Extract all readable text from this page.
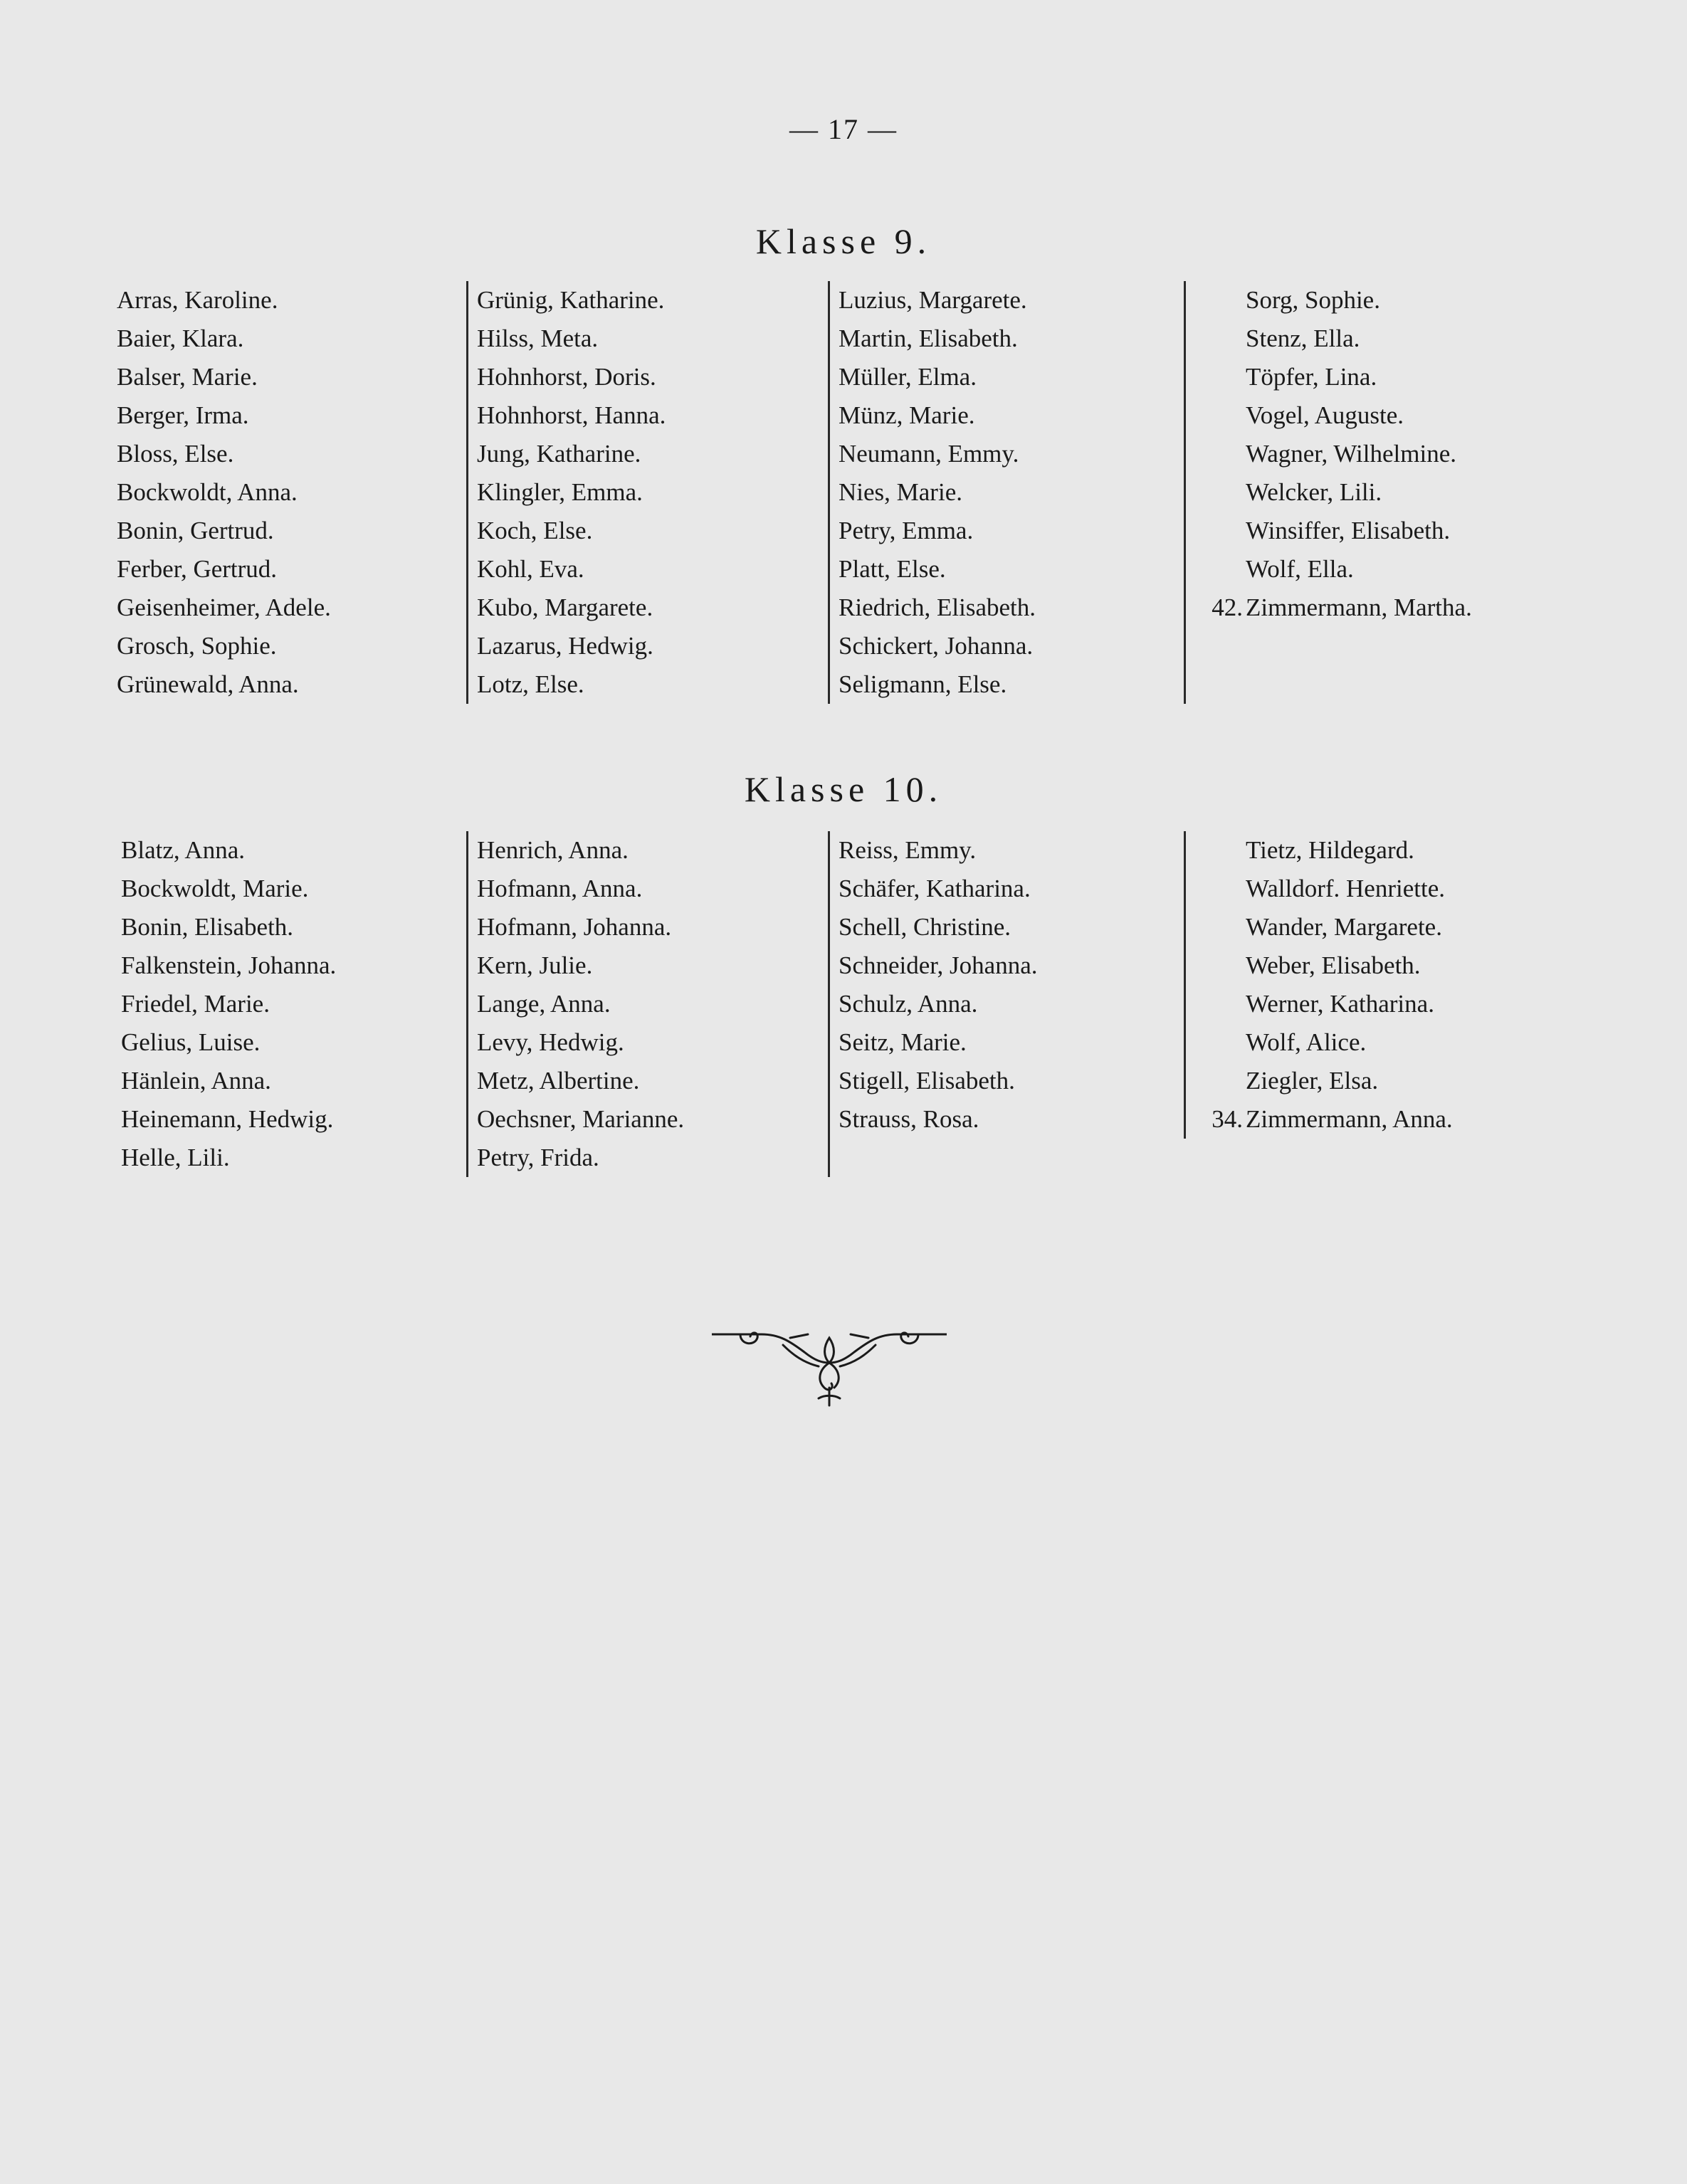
— 17 —
Klasse 9.
Arras, Karoline.
Baier, Klara.
Balser, Marie.
Berger, Irma.
Bloss, Else.
Bockwoldt, Anna.
Bonin, Gertrud.
Ferber, Gertrud.
Geisenheimer, Adele.
Grosch, Sophie.
Grünewald, Anna.
Grünig, Katharine.
Hilss, Meta.
Hohnhorst, Doris.
Hohnhorst, Hanna.
Jung, Katharine.
Klingler, Emma.
Koch, Else.
Kohl, Eva.
Kubo, Margarete.
Lazarus, Hedwig.
Lotz, Else.
Luzius, Margarete.
Martin, Elisabeth.
Müller, Elma.
Münz, Marie.
Neumann, Emmy.
Nies, Marie.
Petry, Emma.
Platt, Else.
Riedrich, Elisabeth.
Schickert, Johanna.
Seligmann, Else.
Sorg, Sophie.
Stenz, Ella.
Töpfer, Lina.
Vogel, Auguste.
Wagner, Wilhelmine.
Welcker, Lili.
Winsiffer, Elisabeth.
Wolf, Ella.
42. Zimmermann, Martha.
Klasse 10.
Blatz, Anna.
Bockwoldt, Marie.
Bonin, Elisabeth.
Falkenstein, Johanna.
Friedel, Marie.
Gelius, Luise.
Hänlein, Anna.
Heinemann, Hedwig.
Helle, Lili.
Henrich, Anna.
Hofmann, Anna.
Hofmann, Johanna.
Kern, Julie.
Lange, Anna.
Levy, Hedwig.
Metz, Albertine.
Oechsner, Marianne.
Petry, Frida.
Reiss, Emmy.
Schäfer, Katharina.
Schell, Christine.
Schneider, Johanna.
Schulz, Anna.
Seitz, Marie.
Stigell, Elisabeth.
Strauss, Rosa.
Tietz, Hildegard.
Walldorf. Henriette.
Wander, Margarete.
Weber, Elisabeth.
Werner, Katharina.
Wolf, Alice.
Ziegler, Elsa.
34. Zimmermann, Anna.
